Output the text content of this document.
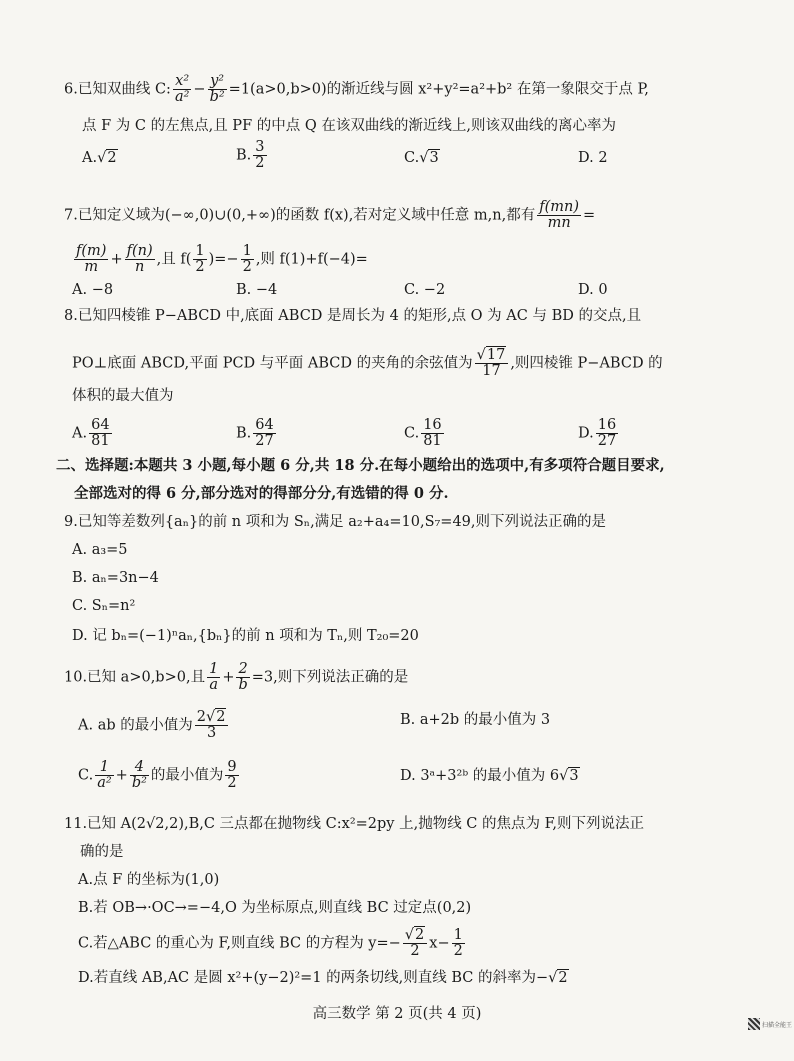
6.已知双曲线 C: $\frac{\text{x²}}{\text{a²}} - \frac{\text{y²}}{\text{b²}} =1(a>0,b>0)$的渐近线与圆 x²+y²=a²+b² 在第一象限交于点 P,
点 F 为 C 的左焦点,且 PF 的中点 Q 在该双曲线的渐近线上,则该双曲线的离心率为
A.√2	B. $\frac{3}{2}$	C.√3	D. 2
7.已知定义域为(−∞,0)∪(0,+∞)的函数 f(x),若对定义域中任意 m,n,都有 $\frac{f(mn)}{mn}$ =
$\frac{f(m)}{m} + \frac{f(n)}{n}$ ,且 $f( \frac{1}{2}$ )=− $\frac{1}{2}$ ,则 f(1)+f(−4)=
A. −8	B. −4	C. −2	D. 0
8.已知四棱锥 P−ABCD 中,底面 ABCD 是周长为 4 的矩形,点 O 为 AC 与 BD 的交点,且
PO⊥底面 ABCD,平面 PCD 与平面 ABCD 的夹角的余弦值为 $\frac{√17}{17}$ ,则四棱锥 P−ABCD 的
体积的最大值为
A. $\frac{64}{81}$	B. $\frac{64}{27}$	C. $\frac{16}{81}$	D. $\frac{16}{27}$
二、选择题:本题共 3 小题,每小题 6 分,共 18 分.在每小题给出的选项中,有多项符合题目要求,
全部选对的得 6 分,部分选对的得部分分,有选错的得 0 分.
9.已知等差数列{aₙ}的前 n 项和为 Sₙ,满足 a₂+a₄=10,S₇=49,则下列说法正确的是
A. a₃=5
B. aₙ=3n−4
C. Sₙ=n²
D. 记 bₙ=(−1)ⁿaₙ,{bₙ}的前 n 项和为 Tₙ,则 T₂₀=20
10.已知 a>0,b>0,且 $\frac{1}{a} + \frac{2}{b} =3$,则下列说法正确的是
A. ab 的最小值为 $\frac{2√2}{3}$	B. a+2b 的最小值为 3
C. $\frac{1}{\text{a²}} + \frac{4}{\text{b²}}$ 的最小值为 $\frac{9}{2}$	D. 3ᵃ+3²ᵇ 的最小值为 6√3
11.已知 A(2√2,2),B,C 三点都在抛物线 C:x²=2py 上,抛物线 C 的焦点为 F,则下列说法正
确的是
A.点 F 的坐标为(1,0)
B.若 OB→·OC→=−4,O 为坐标原点,则直线 BC 过定点(0,2)
C.若△ABC 的重心为 F,则直线 BC 的方程为 $y=- \frac{√2}{2} x- \frac{1}{2}$
D.若直线 AB,AC 是圆 x²+(y−2)²=1 的两条切线,则直线 BC 的斜率为−√2
高三数学 第 2 页(共 4 页)
扫描全能王
